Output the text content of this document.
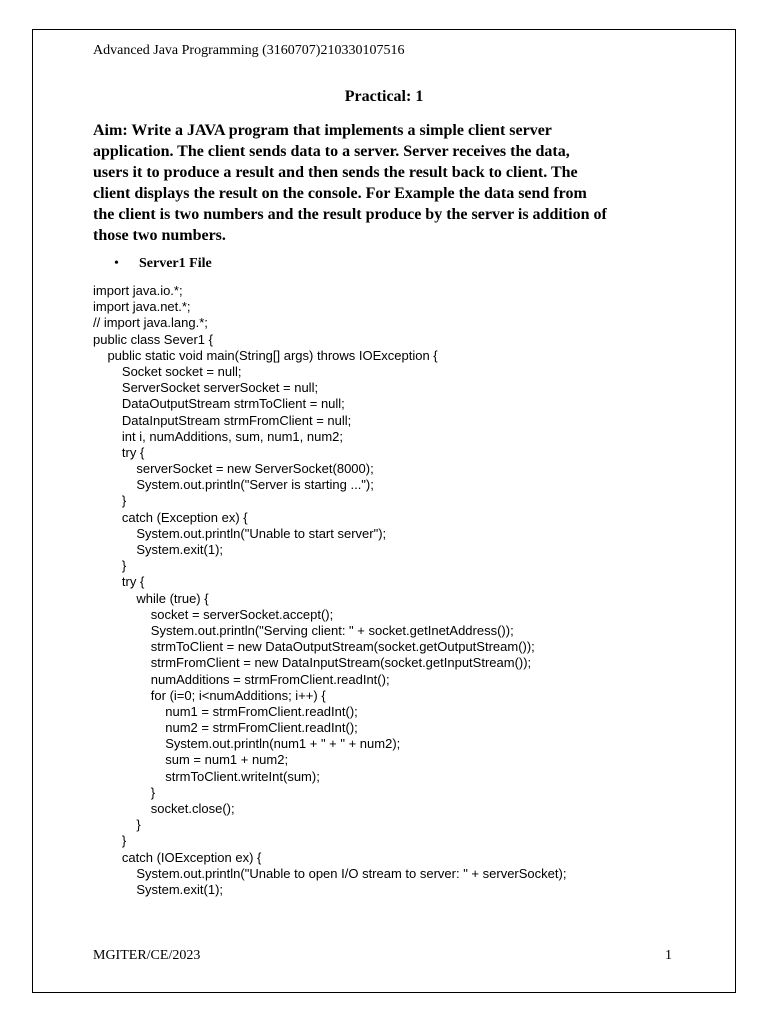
Advanced Java Programming (3160707)210330107516
Practical: 1
Aim: Write a JAVA program that implements a simple client server
application. The client sends data to a server. Server receives the data,
users it to produce a result and then sends the result back to client. The
client displays the result on the console. For Example the data send from
the client is two numbers and the result produce by the server is addition of
those two numbers.
• Server1 File
import java.io.*;
import java.net.*;
// import java.lang.*;
public class Sever1 {
public static void main(String[] args) throws IOException {
Socket socket = null;
ServerSocket serverSocket = null;
DataOutputStream strmToClient = null;
DataInputStream strmFromClient = null;
int i, numAdditions, sum, num1, num2;
try {
serverSocket = new ServerSocket(8000);
System.out.println("Server is starting ...");
}
catch (Exception ex) {
System.out.println("Unable to start server");
System.exit(1);
}
try {
while (true) {
socket = serverSocket.accept();
System.out.println("Serving client: " + socket.getInetAddress());
strmToClient = new DataOutputStream(socket.getOutputStream());
strmFromClient = new DataInputStream(socket.getInputStream());
numAdditions = strmFromClient.readInt();
for (i=0; i<numAdditions; i++) {
num1 = strmFromClient.readInt();
num2 = strmFromClient.readInt();
System.out.println(num1 + " + " + num2);
sum = num1 + num2;
strmToClient.writeInt(sum);
}
socket.close();
}
}
catch (IOException ex) {
System.out.println("Unable to open I/O stream to server: " + serverSocket);
System.exit(1);
MGITER/CE/2023	1
